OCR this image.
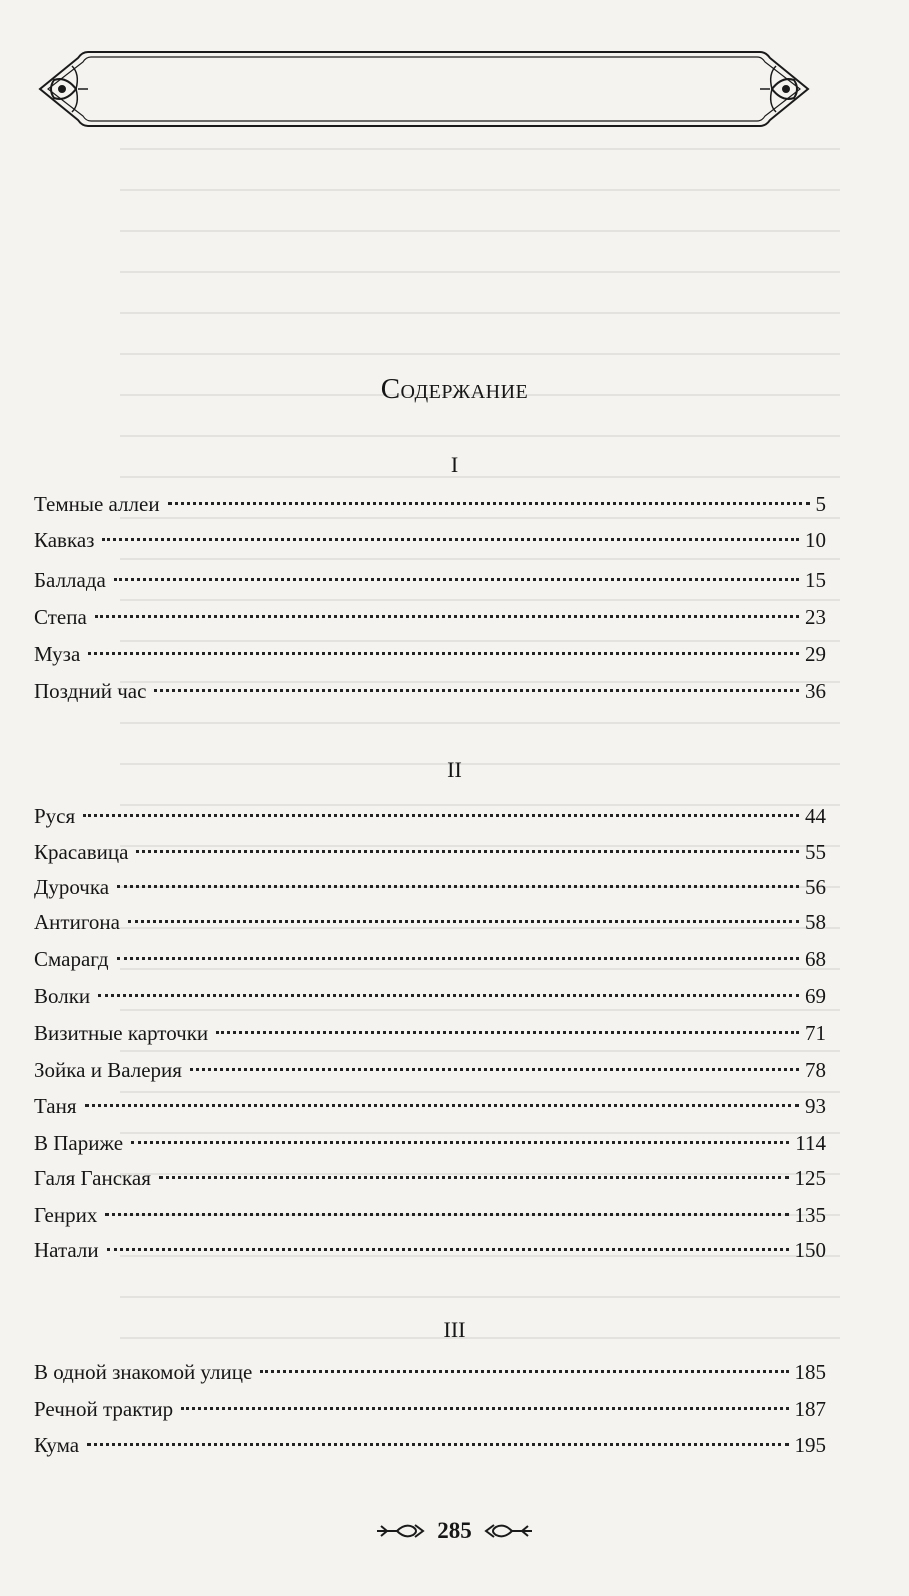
Содержание
I
Темные аллеи	5
Кавказ	10
Баллада	15
Степа	23
Муза	29
Поздний час	36
II
Руся	44
Красавица	55
Дурочка	56
Антигона	58
Смарагд	68
Волки	69
Визитные карточки	71
Зойка и Валерия	78
Таня	93
В Париже	114
Галя Ганская	125
Генрих	135
Натали	150
III
В одной знакомой улице	185
Речной трактир	187
Кума	195
285
